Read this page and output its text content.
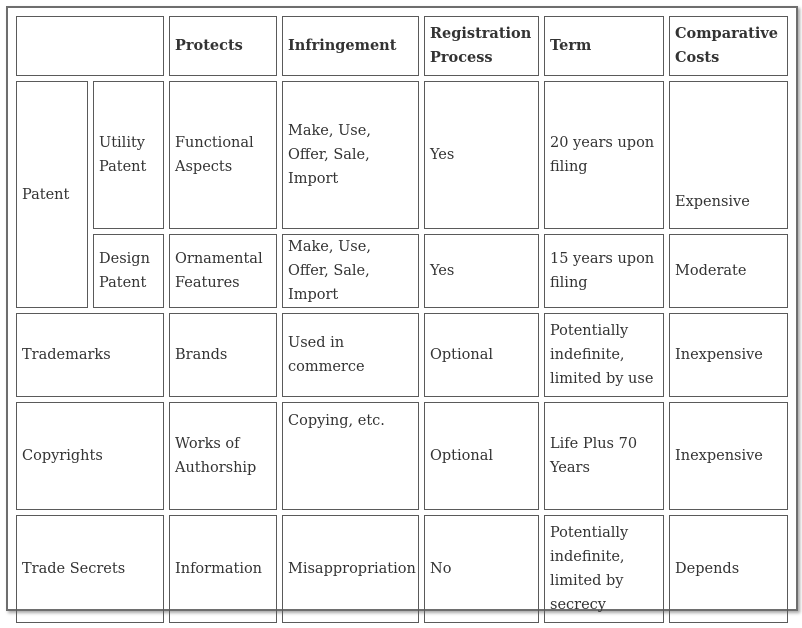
		Protects	Infringement	Registration Process	Term	Comparative Costs
Patent	Utility Patent	Functional Aspects	Make, Use, Offer, Sale, Import	Yes	20 years upon filing	Expensive
	Design Patent	Ornamental Features	Make, Use, Offer, Sale, Import	Yes	15 years upon filing	Moderate
Trademarks		Brands	Used in commerce	Optional	Potentially indefinite, limited by use	Inexpensive
Copyrights		Works of Authorship	Copying, etc.	Optional	Life Plus 70 Years	Inexpensive
Trade Secrets		Information	Misappropriation	No	Potentially indefinite, limited by secrecy	Depends
